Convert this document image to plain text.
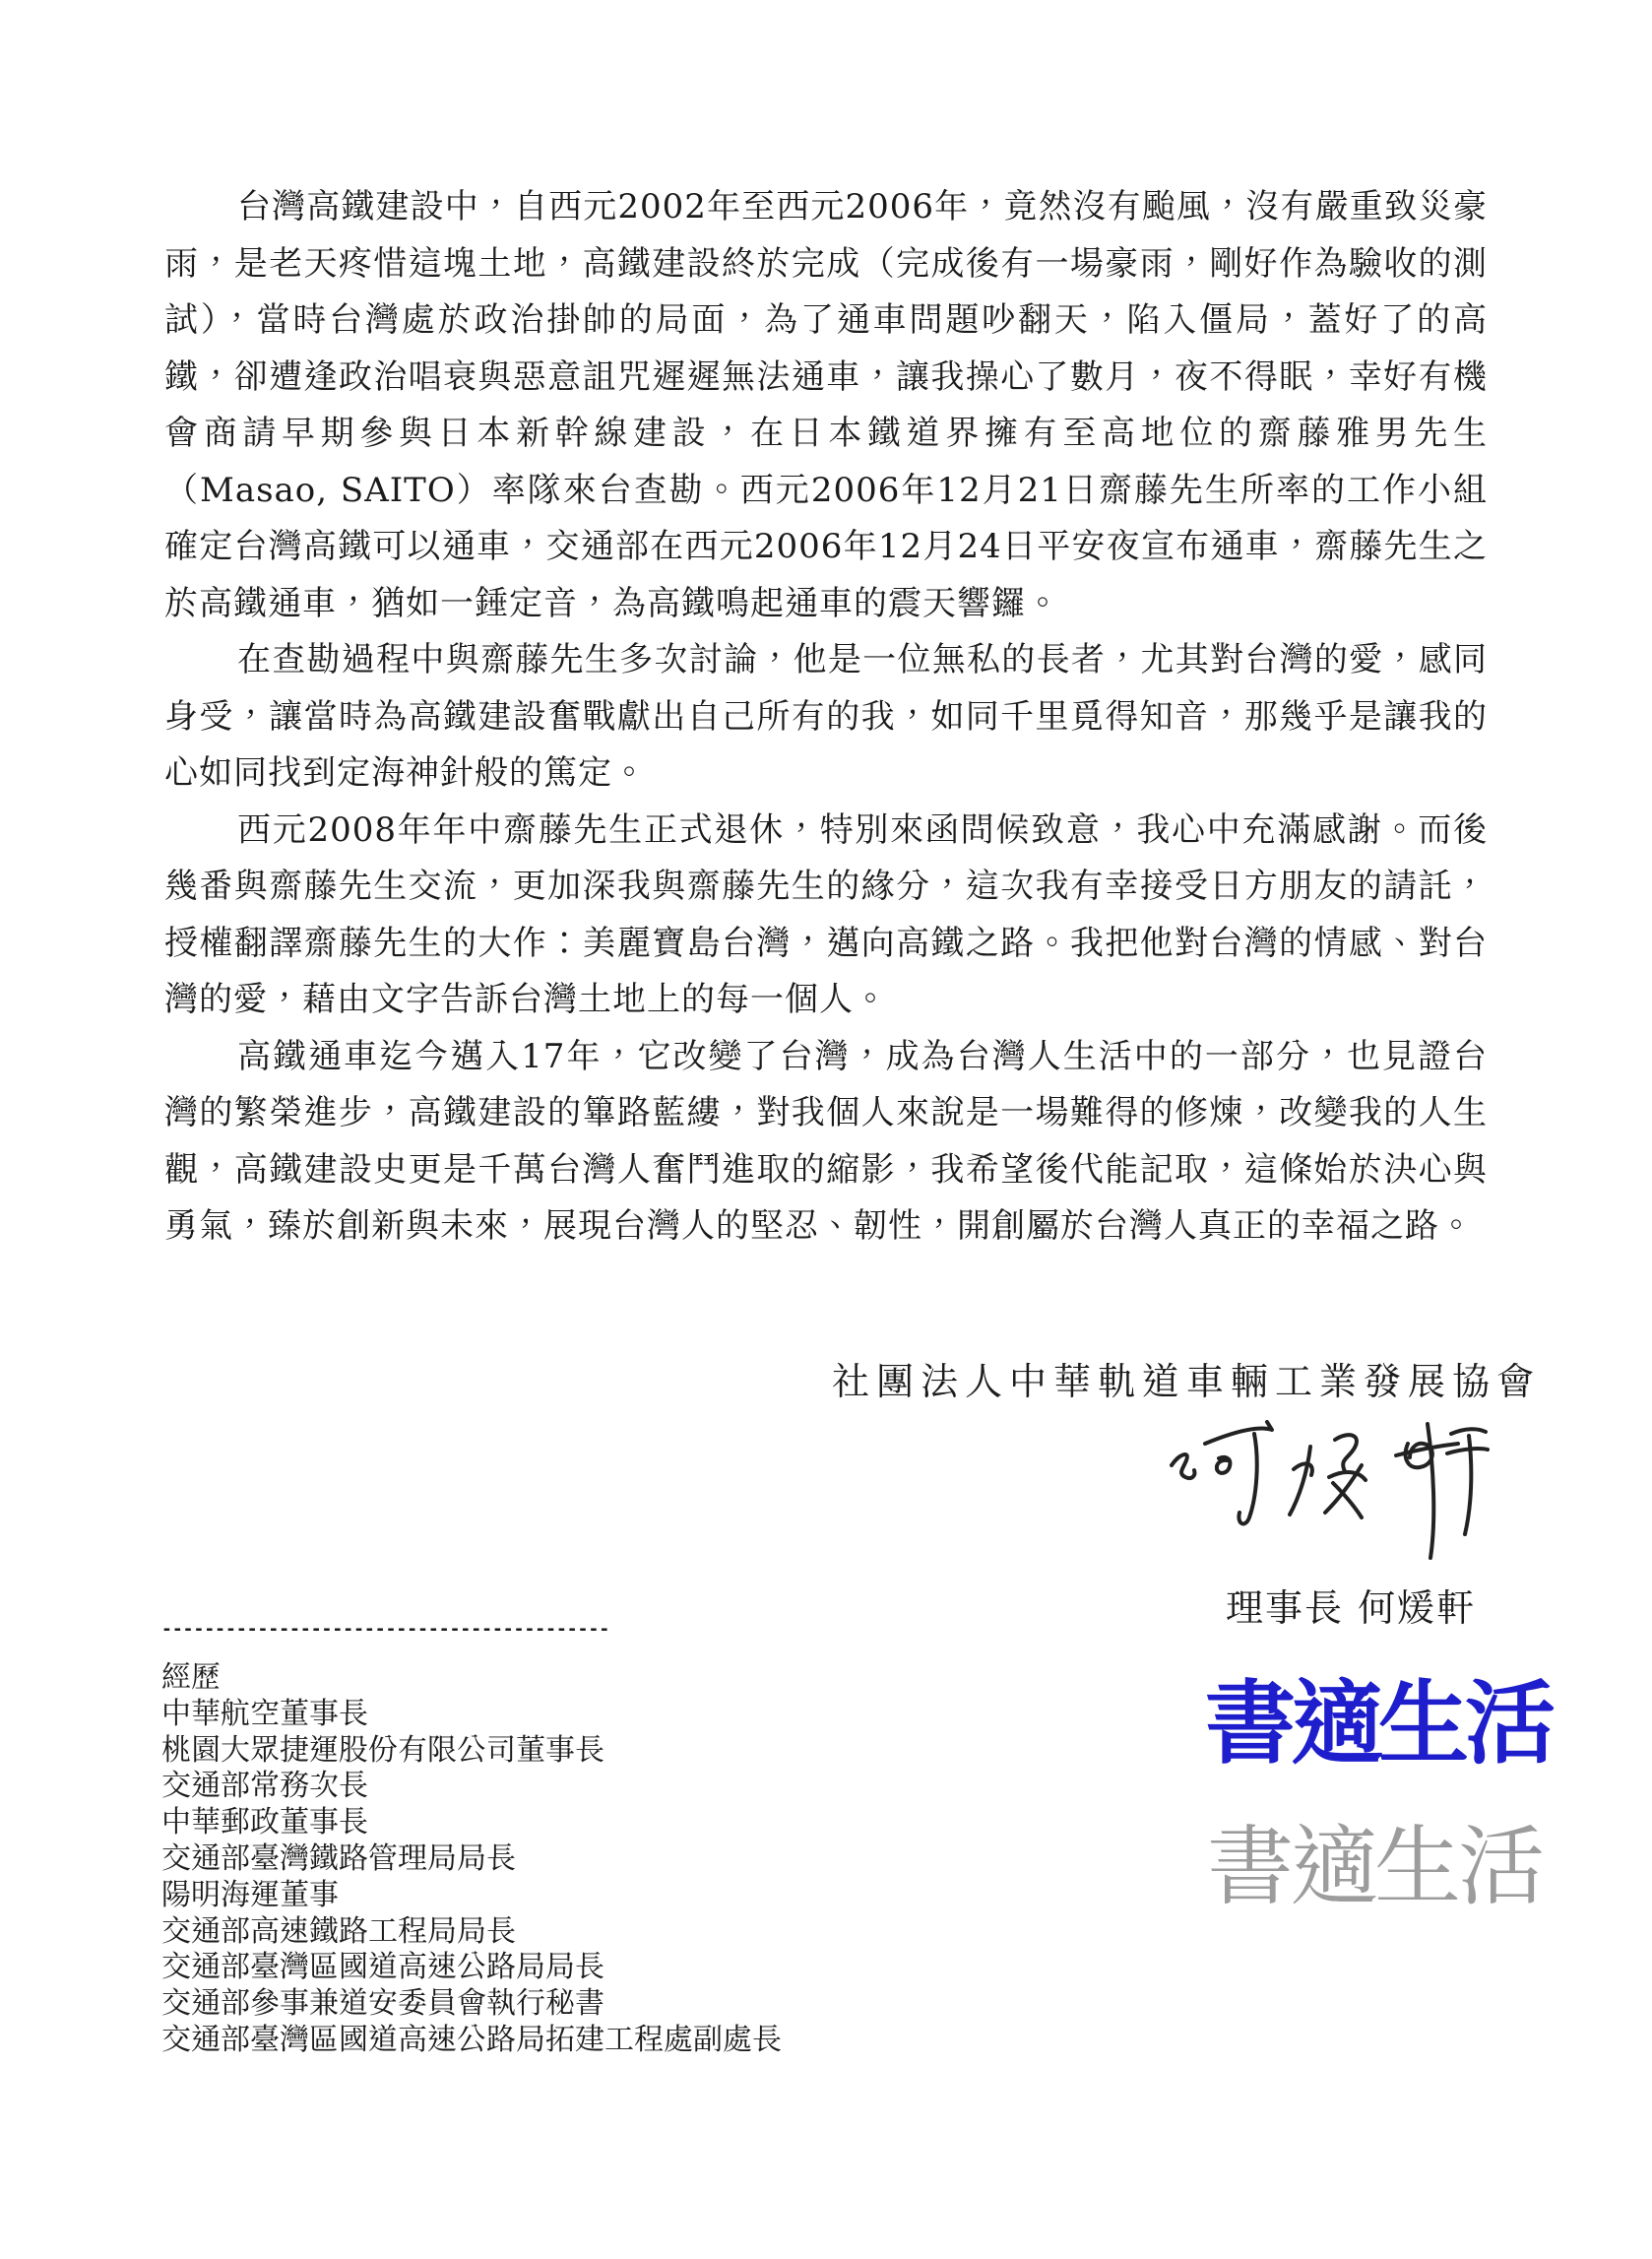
台灣高鐵建設中，自西元2002年至西元2006年，竟然沒有颱風，沒有嚴重致災豪雨，是老天疼惜這塊土地，高鐵建設終於完成（完成後有一場豪雨，剛好作為驗收的測試），當時台灣處於政治掛帥的局面，為了通車問題吵翻天，陷入僵局，蓋好了的高鐵，卻遭逢政治唱衰與惡意詛咒遲遲無法通車，讓我操心了數月，夜不得眠，幸好有機會商請早期參與日本新幹線建設，在日本鐵道界擁有至高地位的齋藤雅男先生（Masao, SAITO）率隊來台查勘。西元2006年12月21日齋藤先生所率的工作小組確定台灣高鐵可以通車，交通部在西元2006年12月24日平安夜宣布通車，齋藤先生之於高鐵通車，猶如一錘定音，為高鐵鳴起通車的震天響鑼。

在查勘過程中與齋藤先生多次討論，他是一位無私的長者，尤其對台灣的愛，感同身受，讓當時為高鐵建設奮戰獻出自己所有的我，如同千里覓得知音，那幾乎是讓我的心如同找到定海神針般的篤定。

西元2008年年中齋藤先生正式退休，特別來函問候致意，我心中充滿感謝。而後幾番與齋藤先生交流，更加深我與齋藤先生的緣分，這次我有幸接受日方朋友的請託，授權翻譯齋藤先生的大作：美麗寶島台灣，邁向高鐵之路。我把他對台灣的情感、對台灣的愛，藉由文字告訴台灣土地上的每一個人。

高鐵通車迄今邁入17年，它改變了台灣，成為台灣人生活中的一部分，也見證台灣的繁榮進步，高鐵建設的篳路藍縷，對我個人來說是一場難得的修煉，改變我的人生觀，高鐵建設史更是千萬台灣人奮鬥進取的縮影，我希望後代能記取，這條始於決心與勇氣，臻於創新與未來，展現台灣人的堅忍、韌性，開創屬於台灣人真正的幸福之路。

社團法人中華軌道車輛工業發展協會
理事長 何煖軒
------------------------------------------
經歷
中華航空董事長
桃園大眾捷運股份有限公司董事長
交通部常務次長
中華郵政董事長
交通部臺灣鐵路管理局局長
陽明海運董事
交通部高速鐵路工程局局長
交通部臺灣區國道高速公路局局長
交通部參事兼道安委員會執行秘書
交通部臺灣區國道高速公路局拓建工程處副處長
書適生活
書適生活
